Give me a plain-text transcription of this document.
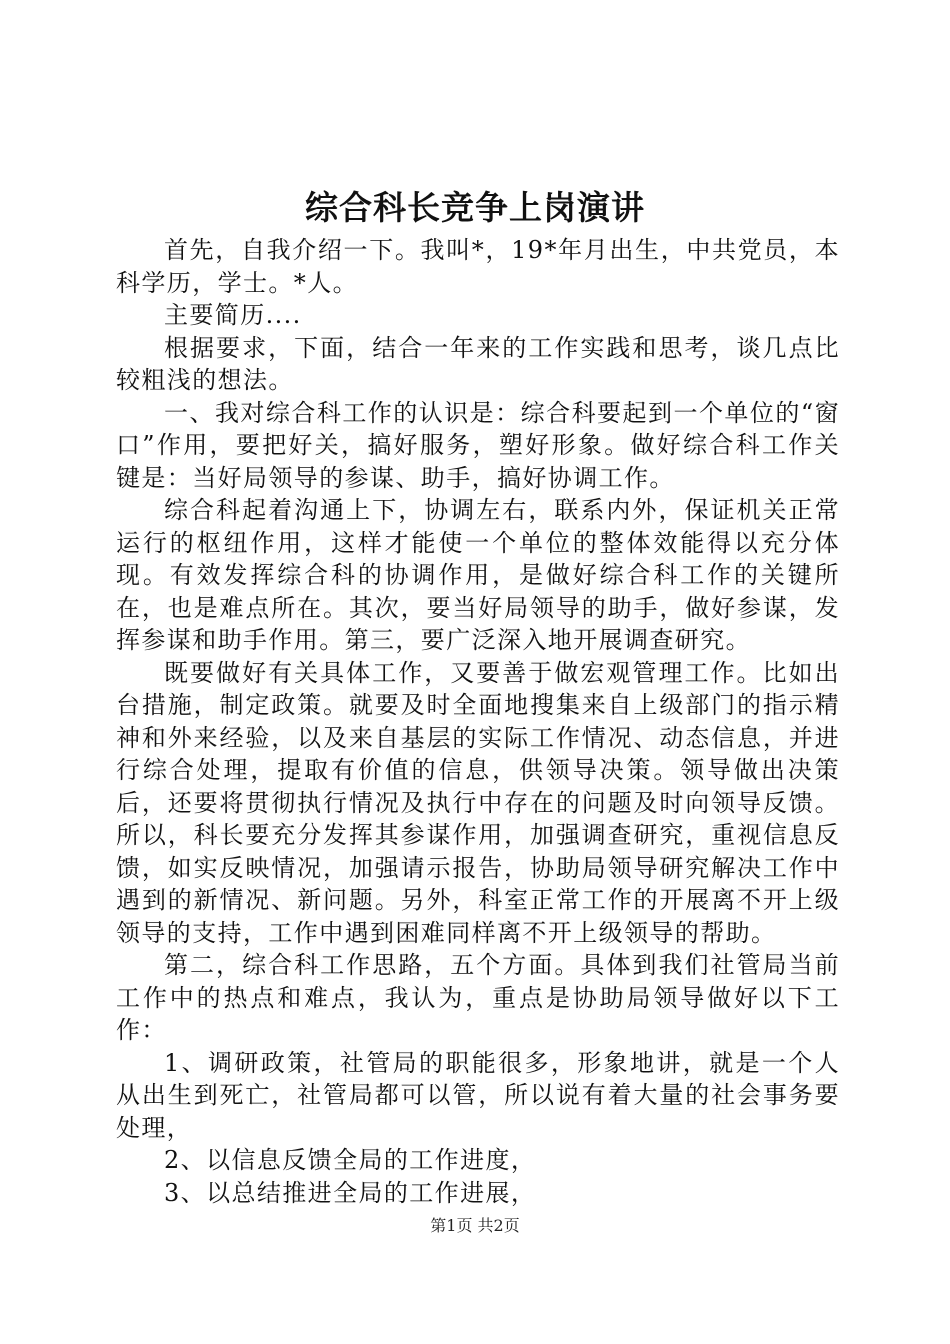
综合科长竞争上岗演讲

首先，自我介绍一下。我叫*，19*年月出生，中共党员，本科学历，学士。*人。

主要简历....

根据要求，下面，结合一年来的工作实践和思考，谈几点比较粗浅的想法。

一、我对综合科工作的认识是：综合科要起到一个单位的“窗口”作用，要把好关，搞好服务，塑好形象。做好综合科工作关键是：当好局领导的参谋、助手，搞好协调工作。

综合科起着沟通上下，协调左右，联系内外，保证机关正常运行的枢纽作用，这样才能使一个单位的整体效能得以充分体现。有效发挥综合科的协调作用，是做好综合科工作的关键所在，也是难点所在。其次，要当好局领导的助手，做好参谋，发挥参谋和助手作用。第三，要广泛深入地开展调查研究。

既要做好有关具体工作，又要善于做宏观管理工作。比如出台措施，制定政策。就要及时全面地搜集来自上级部门的指示精神和外来经验，以及来自基层的实际工作情况、动态信息，并进行综合处理，提取有价值的信息，供领导决策。领导做出决策后，还要将贯彻执行情况及执行中存在的问题及时向领导反馈。所以，科长要充分发挥其参谋作用，加强调查研究，重视信息反馈，如实反映情况，加强请示报告，协助局领导研究解决工作中遇到的新情况、新问题。另外，科室正常工作的开展离不开上级领导的支持，工作中遇到困难同样离不开上级领导的帮助。

第二，综合科工作思路，五个方面。具体到我们社管局当前工作中的热点和难点，我认为，重点是协助局领导做好以下工作：

1、调研政策，社管局的职能很多，形象地讲，就是一个人从出生到死亡，社管局都可以管，所以说有着大量的社会事务要处理，

2、以信息反馈全局的工作进度，

3、以总结推进全局的工作进展，

第1页 共2页
